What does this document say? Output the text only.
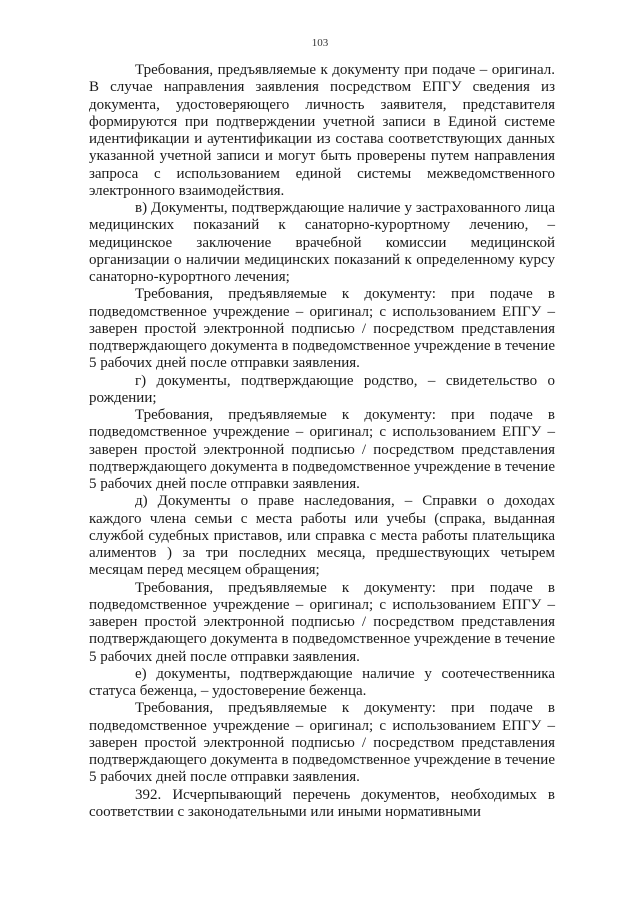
103

Требования, предъявляемые к документу при подаче – оригинал. В случае направления заявления посредством ЕПГУ сведения из документа, удостоверяющего личность заявителя, представителя формируются при подтверждении учетной записи в Единой системе идентификации и аутентификации из состава соответствующих данных указанной учетной записи и могут быть проверены путем направления запроса с использованием единой системы межведомственного электронного взаимодействия.

в) Документы, подтверждающие наличие у застрахованного лица медицинских показаний к санаторно-курортному лечению, – медицинское заключение врачебной комиссии медицинской организации о наличии медицинских показаний к определенному курсу санаторно-курортного лечения;

Требования, предъявляемые к документу: при подаче в подведомственное учреждение – оригинал; с использованием ЕПГУ – заверен простой электронной подписью / посредством представления подтверждающего документа в подведомственное учреждение в течение 5 рабочих дней после отправки заявления.

г) документы, подтверждающие родство, – свидетельство о рождении;

Требования, предъявляемые к документу: при подаче в подведомственное учреждение – оригинал; с использованием ЕПГУ – заверен простой электронной подписью / посредством представления подтверждающего документа в подведомственное учреждение в течение 5 рабочих дней после отправки заявления.

д) Документы о праве наследования, – Справки о доходах каждого члена семьи с места работы или учебы (спрака, выданная службой судебных приставов, или справка с места работы плательщика алиментов ) за три последних месяца, предшествующих четырем месяцам перед месяцем обращения;

Требования, предъявляемые к документу: при подаче в подведомственное учреждение – оригинал; с использованием ЕПГУ – заверен простой электронной подписью / посредством представления подтверждающего документа в подведомственное учреждение в течение 5 рабочих дней после отправки заявления.

е) документы, подтверждающие наличие у соотечественника статуса беженца, – удостоверение беженца.

Требования, предъявляемые к документу: при подаче в подведомственное учреждение – оригинал; с использованием ЕПГУ – заверен простой электронной подписью / посредством представления подтверждающего документа в подведомственное учреждение в течение 5 рабочих дней после отправки заявления.

392. Исчерпывающий перечень документов, необходимых в соответствии с законодательными или иными нормативными
